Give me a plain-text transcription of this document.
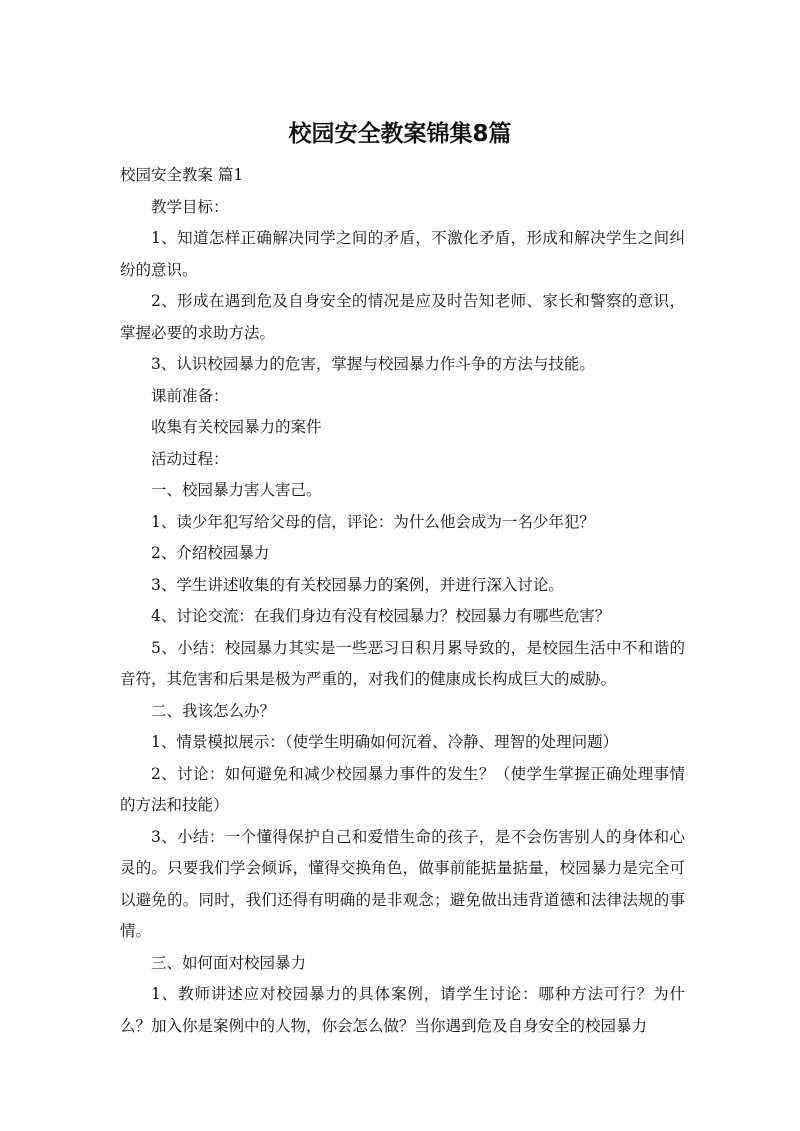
校园安全教案锦集8篇

校园安全教案 篇1

教学目标：

1、知道怎样正确解决同学之间的矛盾，不激化矛盾，形成和解决学生之间纠纷的意识。

2、形成在遇到危及自身安全的情况是应及时告知老师、家长和警察的意识，掌握必要的求助方法。

3、认识校园暴力的危害，掌握与校园暴力作斗争的方法与技能。

课前准备：

收集有关校园暴力的案件

活动过程：

一、校园暴力害人害己。

1、读少年犯写给父母的信，评论：为什么他会成为一名少年犯？

2、介绍校园暴力

3、学生讲述收集的有关校园暴力的案例，并进行深入讨论。

4、讨论交流：在我们身边有没有校园暴力？校园暴力有哪些危害？

5、小结：校园暴力其实是一些恶习日积月累导致的，是校园生活中不和谐的音符，其危害和后果是极为严重的，对我们的健康成长构成巨大的威胁。

二、我该怎么办？

1、情景模拟展示：（使学生明确如何沉着、冷静、理智的处理问题）

2、讨论：如何避免和减少校园暴力事件的发生？（使学生掌握正确处理事情的方法和技能）

3、小结：一个懂得保护自己和爱惜生命的孩子，是不会伤害别人的身体和心灵的。只要我们学会倾诉，懂得交换角色，做事前能掂量掂量，校园暴力是完全可以避免的。同时，我们还得有明确的是非观念；避免做出违背道德和法律法规的事情。

三、如何面对校园暴力

1、教师讲述应对校园暴力的具体案例，请学生讨论：哪种方法可行？为什么？加入你是案例中的人物，你会怎么做？当你遇到危及自身安全的校园暴力
